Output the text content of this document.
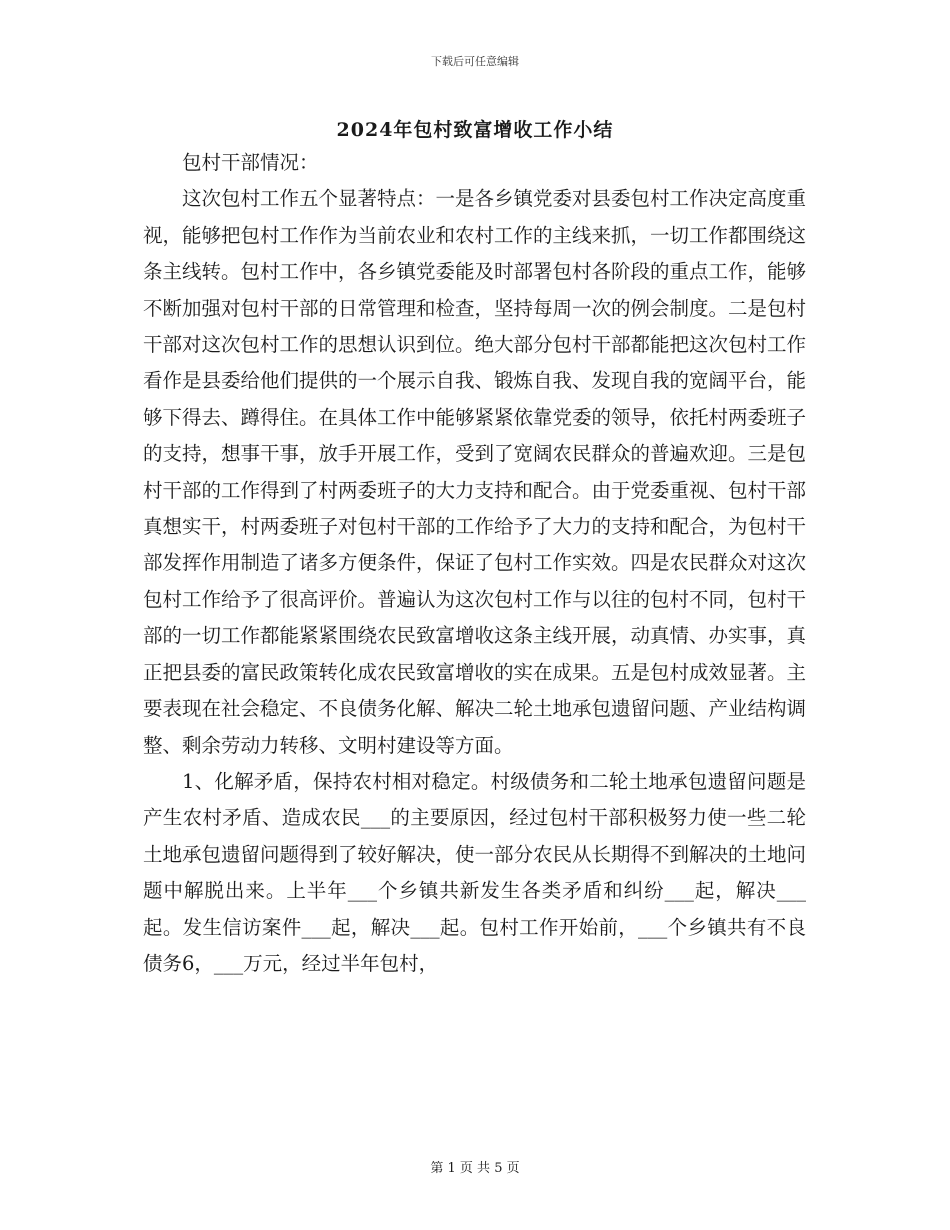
下载后可任意编辑
2024年包村致富增收工作小结

包村干部情况：

这次包村工作五个显著特点：一是各乡镇党委对县委包村工作决定高度重视，能够把包村工作作为当前农业和农村工作的主线来抓，一切工作都围绕这条主线转。包村工作中，各乡镇党委能及时部署包村各阶段的重点工作，能够不断加强对包村干部的日常管理和检查，坚持每周一次的例会制度。二是包村干部对这次包村工作的思想认识到位。绝大部分包村干部都能把这次包村工作看作是县委给他们提供的一个展示自我、锻炼自我、发现自我的宽阔平台，能够下得去、蹲得住。在具体工作中能够紧紧依靠党委的领导，依托村两委班子的支持，想事干事，放手开展工作，受到了宽阔农民群众的普遍欢迎。三是包村干部的工作得到了村两委班子的大力支持和配合。由于党委重视、包村干部真想实干，村两委班子对包村干部的工作给予了大力的支持和配合，为包村干部发挥作用制造了诸多方便条件，保证了包村工作实效。四是农民群众对这次包村工作给予了很高评价。普遍认为这次包村工作与以往的包村不同，包村干部的一切工作都能紧紧围绕农民致富增收这条主线开展，动真情、办实事，真正把县委的富民政策转化成农民致富增收的实在成果。五是包村成效显著。主要表现在社会稳定、不良债务化解、解决二轮土地承包遗留问题、产业结构调整、剩余劳动力转移、文明村建设等方面。

1、化解矛盾，保持农村相对稳定。村级债务和二轮土地承包遗留问题是产生农村矛盾、造成农民___的主要原因，经过包村干部积极努力使一些二轮土地承包遗留问题得到了较好解决，使一部分农民从长期得不到解决的土地问题中解脱出来。上半年___个乡镇共新发生各类矛盾和纠纷___起，解决___起。发生信访案件___起，解决___起。包村工作开始前，___个乡镇共有不良债务6，___万元，经过半年包村，

第 1 页 共 5 页
